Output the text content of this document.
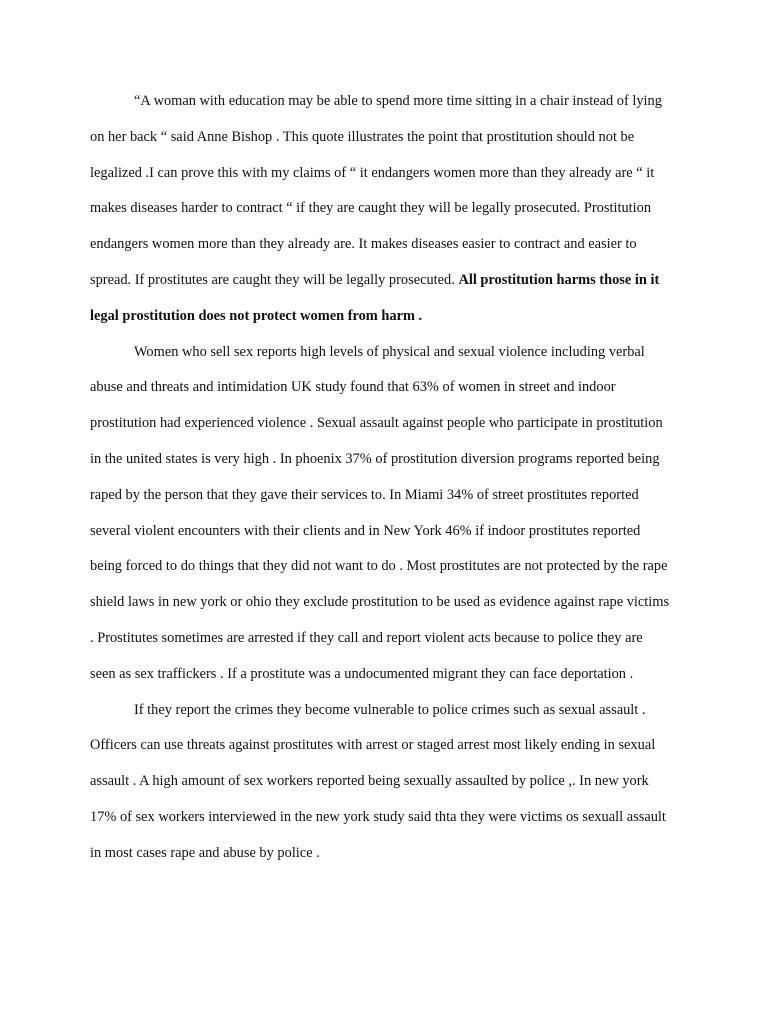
“A woman with education may be able to spend more time sitting in a chair instead of lying on her back “ said Anne Bishop . This quote illustrates the point that prostitution should not be legalized .I can prove this with my claims of “ it endangers women more than they already are “ it makes diseases harder to contract “ if they are caught they will be legally prosecuted. Prostitution endangers women more than they already are. It makes diseases easier to contract and easier to spread. If prostitutes are caught they will be legally prosecuted. All prostitution harms those in it legal prostitution does not protect women from harm .

Women who sell sex reports high levels of physical and sexual violence including verbal abuse and threats and intimidation UK study found that 63% of women in street and indoor prostitution had experienced violence . Sexual assault against people who participate in prostitution in the united states is very high . In phoenix 37% of prostitution diversion programs reported being raped by the person that they gave their services to. In Miami 34% of street prostitutes reported several violent encounters with their clients and in New York 46% if indoor prostitutes reported being forced to do things that they did not want to do . Most prostitutes are not protected by the rape shield laws in new york or ohio they exclude prostitution to be used as evidence against rape victims . Prostitutes sometimes are arrested if they call and report violent acts because to police they are seen as sex traffickers . If a prostitute was a undocumented migrant they can face deportation .

If they report the crimes they become vulnerable to police crimes such as sexual assault . Officers can use threats against prostitutes with arrest or staged arrest most likely ending in sexual assault . A high amount of sex workers reported being sexually assaulted by police ,. In new york 17% of sex workers interviewed in the new york study said thta they were victims os sexuall assault in most cases rape and abuse by police .
